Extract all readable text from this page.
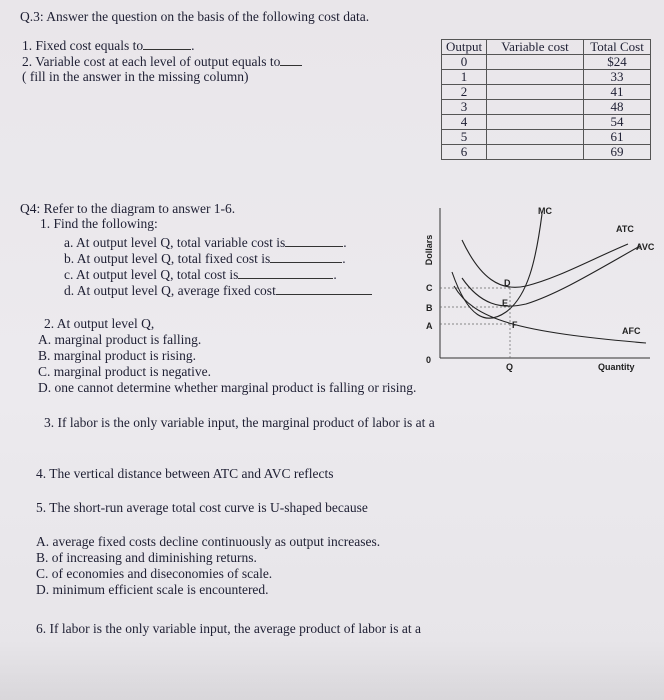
Q.3: Answer the question on the basis of the following cost data.
1. Fixed cost equals to	.
2. Variable cost at each level of output equals to
( fill in the answer in the missing column)
Output	Variable cost	Total Cost
0		$24
1		33
2		41
3		48
4		54
5		61
6		69
Q4: Refer to the diagram to answer 1-6.
1. Find the following:
a. At output level Q, total variable cost is	.
b. At output level Q, total fixed cost is	.
c. At output level Q, total cost is	.
d. At output level Q, average fixed cost
2. At output level Q,
A. marginal product is falling.
B. marginal product is rising.
C. marginal product is negative.
D. one cannot determine whether marginal product is falling or rising.
3. If labor is the only variable input, the marginal product of labor is at a
4. The vertical distance between ATC and AVC reflects
5. The short-run average total cost curve is U-shaped because
A. average fixed costs decline continuously as output increases.
B. of increasing and diminishing returns.
C. of economies and diseconomies of scale.
D. minimum efficient scale is encountered.
6. If labor is the only variable input, the average product of labor is at a
Dollars
Quantity
0
MC
ATC
AVC
AFC
Q
C
B
A
D
E
F
